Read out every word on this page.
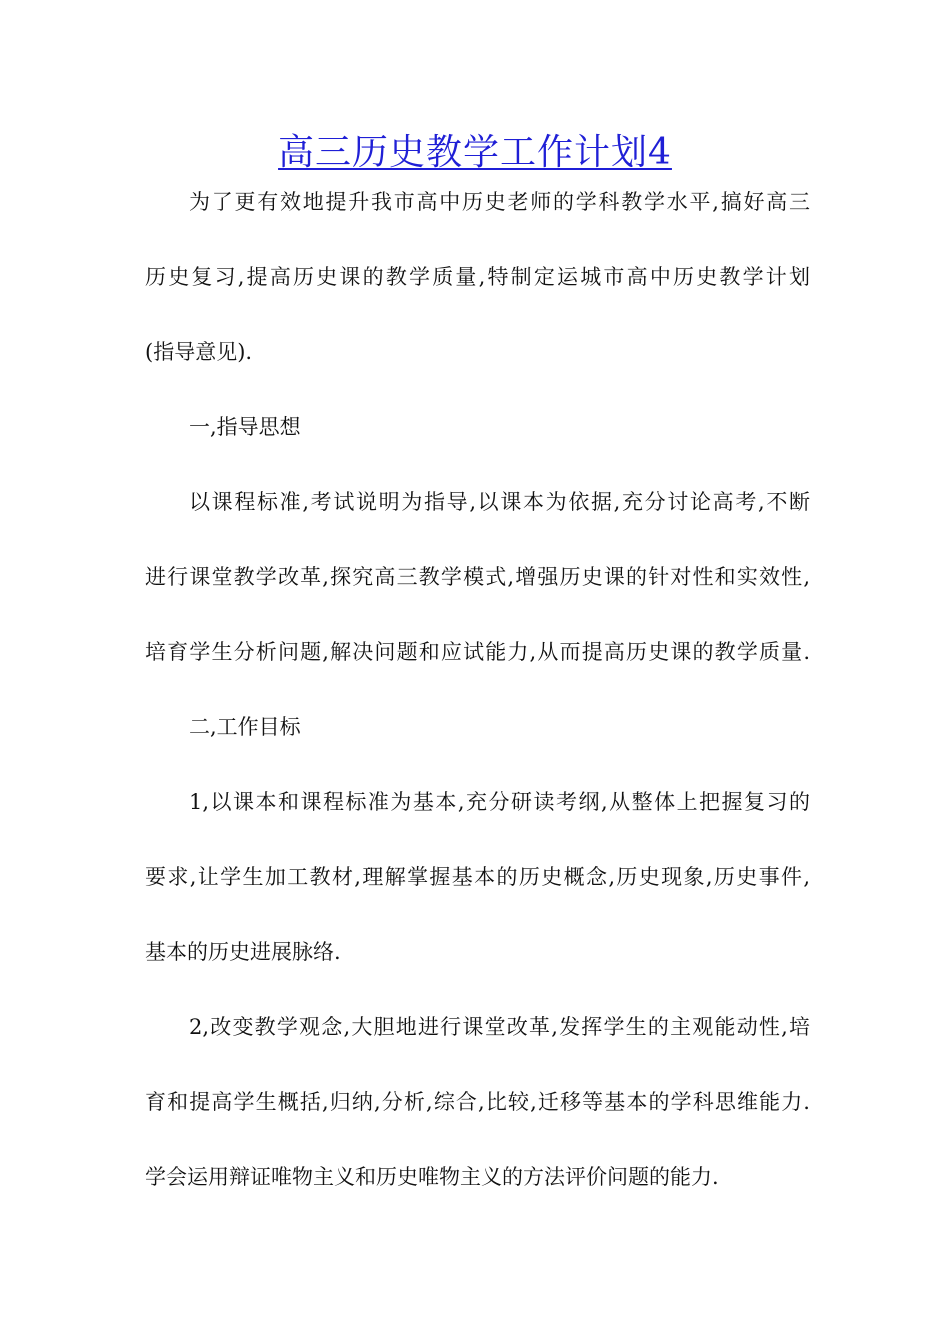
高三历史教学工作计划4
为了更有效地提升我市高中历史老师的学科教学水平,搞好高三
历史复习,提高历史课的教学质量,特制定运城市高中历史教学计划
(指导意见).
一,指导思想
以课程标准,考试说明为指导,以课本为依据,充分讨论高考,不断
进行课堂教学改革,探究高三教学模式,增强历史课的针对性和实效性,
培育学生分析问题,解决问题和应试能力,从而提高历史课的教学质量.
二,工作目标
1,以课本和课程标准为基本,充分研读考纲,从整体上把握复习的
要求,让学生加工教材,理解掌握基本的历史概念,历史现象,历史事件,
基本的历史进展脉络.
2,改变教学观念,大胆地进行课堂改革,发挥学生的主观能动性,培
育和提高学生概括,归纳,分析,综合,比较,迁移等基本的学科思维能力.
学会运用辩证唯物主义和历史唯物主义的方法评价问题的能力.
